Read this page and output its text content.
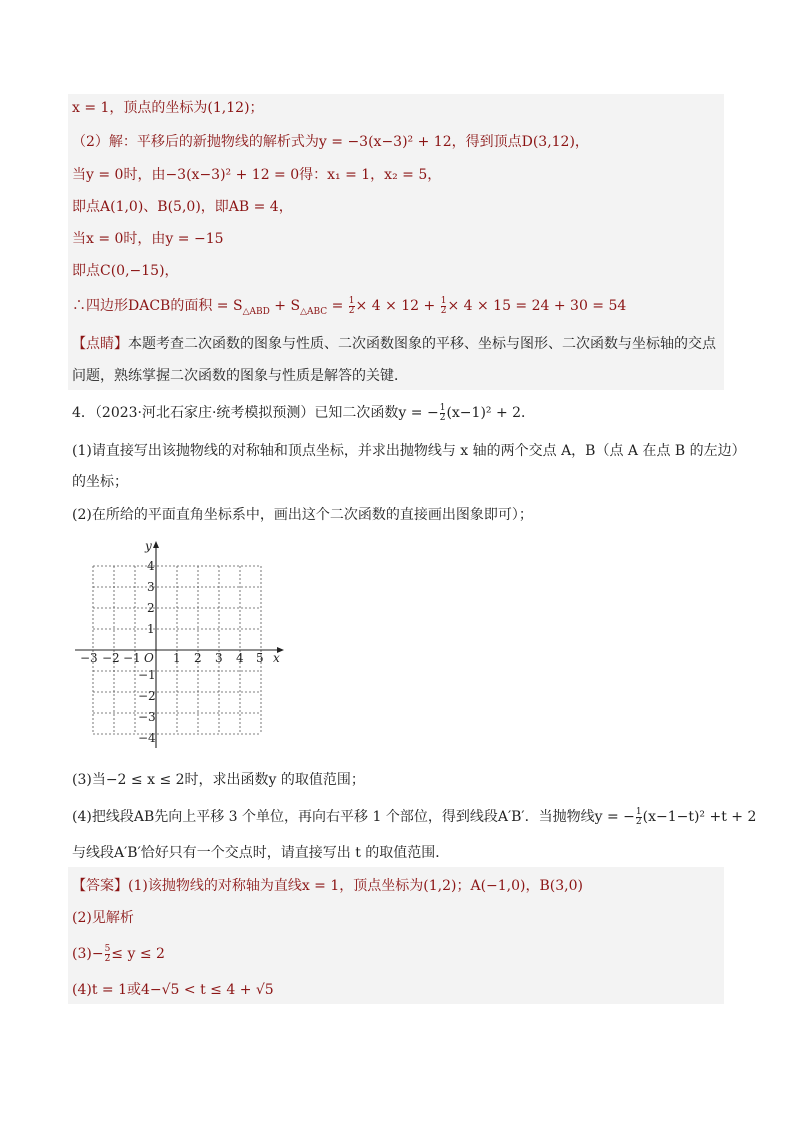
x = 1，顶点的坐标为(1,12)；
（2）解：平移后的新抛物线的解析式为y = −3(x−3)² + 12，得到顶点D(3,12)，
当y = 0时，由−3(x−3)² + 12 = 0得：x₁ = 1，x₂ = 5，
即点A(1,0)、B(5,0)，即AB = 4，
当x = 0时，由y = −15
即点C(0,−15)，
∴四边形DACB的面积 = $S_{\triangle ABD} + S_{\triangle ABC} = \frac{1}{2} \times 4 \times 12 + \frac{1}{2} \times 4 \times 15 = 24 + 30 = 54$
【点睛】本题考查二次函数的图象与性质、二次函数图象的平移、坐标与图形、二次函数与坐标轴的交点
问题，熟练掌握二次函数的图象与性质是解答的关键．
4．（2023·河北石家庄·统考模拟预测）已知二次函数y = − $\frac{1}{2} (x-1)^2 + 2$．
(1)请直接写出该抛物线的对称轴和顶点坐标，并求出抛物线与 x 轴的两个交点 A，B（点 A 在点 B 的左边）
的坐标；
(2)在所给的平面直角坐标系中，画出这个二次函数的直接画出图象即可）；
x
y
O
−3 −2 −1	1 2 3 4 5
4
3
2
1
−1
−2
−3
−4
(3)当−2 ≤ x ≤ 2时，求出函数y 的取值范围；
(4)把线段AB先向上平移 3 个单位，再向右平移 1 个部位，得到线段A′B′．当抛物线y = − $\frac{1}{2} (x-1-t)^2 +t + 2$
与线段A′B′恰好只有一个交点时，请直接写出 t 的取值范围．
【答案】(1)该抛物线的对称轴为直线x = 1，顶点坐标为(1,2)；A(−1,0)，B(3,0)
(2)见解析
$(3)- \frac{5}{2} \le y \le 2$
(4)t = 1或4−√5 < t ≤ 4 + √5
